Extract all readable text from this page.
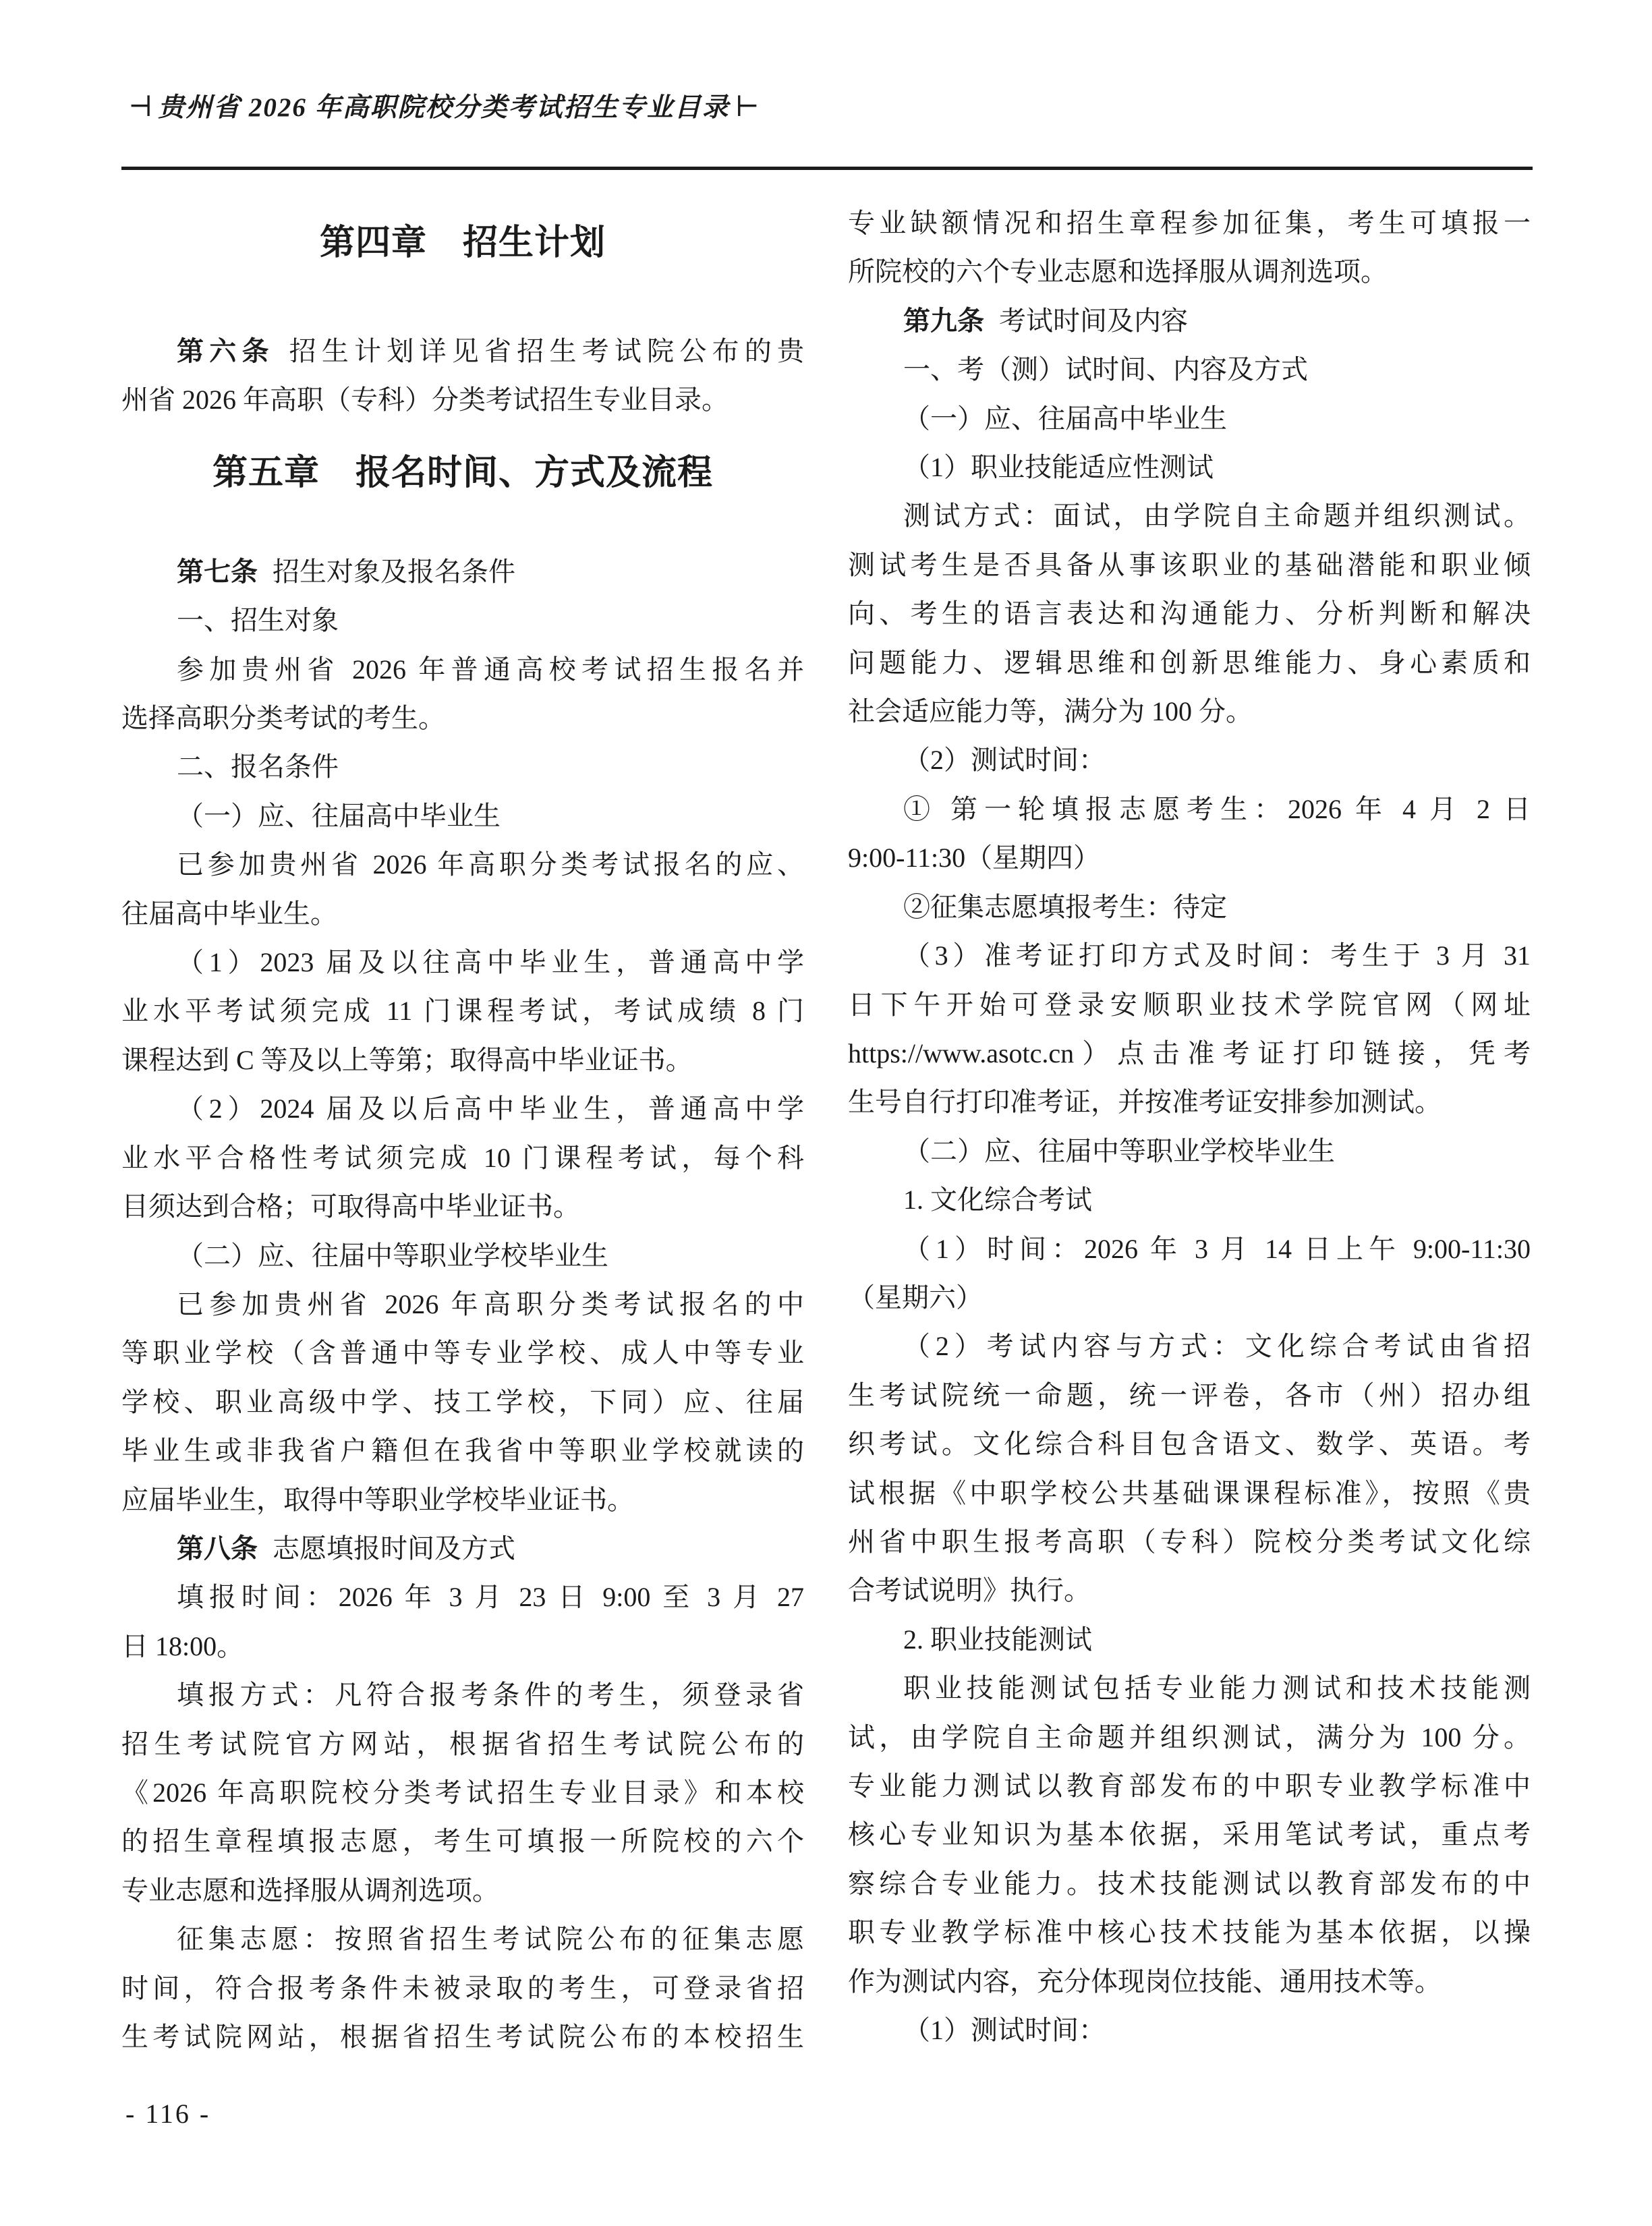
⊣ 贵州省 2026 年高职院校分类考试招生专业目录 ⊢
第四章　招生计划
第六条 招生计划详见省招生考试院公布的贵
州省 2026 年高职（专科）分类考试招生专业目录。
第五章　报名时间、方式及流程
第七条 招生对象及报名条件
一、招生对象
参加贵州省 2026 年普通高校考试招生报名并
选择高职分类考试的考生。
二、报名条件
（一）应、往届高中毕业生
已参加贵州省 2026 年高职分类考试报名的应、
往届高中毕业生。
（1）2023 届及以往高中毕业生，普通高中学
业水平考试须完成 11 门课程考试，考试成绩 8 门
课程达到 C 等及以上等第；取得高中毕业证书。
（2）2024 届及以后高中毕业生，普通高中学
业水平合格性考试须完成 10 门课程考试，每个科
目须达到合格；可取得高中毕业证书。
（二）应、往届中等职业学校毕业生
已参加贵州省 2026 年高职分类考试报名的中
等职业学校（含普通中等专业学校、成人中等专业
学校、职业高级中学、技工学校，下同）应、往届
毕业生或非我省户籍但在我省中等职业学校就读的
应届毕业生，取得中等职业学校毕业证书。
第八条 志愿填报时间及方式
填报时间：2026 年 3 月 23 日 9:00 至 3 月 27
日 18:00。
填报方式：凡符合报考条件的考生，须登录省
招生考试院官方网站，根据省招生考试院公布的
《2026 年高职院校分类考试招生专业目录》和本校
的招生章程填报志愿，考生可填报一所院校的六个
专业志愿和选择服从调剂选项。
征集志愿：按照省招生考试院公布的征集志愿
时间，符合报考条件未被录取的考生，可登录省招
生考试院网站，根据省招生考试院公布的本校招生
专业缺额情况和招生章程参加征集，考生可填报一
所院校的六个专业志愿和选择服从调剂选项。
第九条 考试时间及内容
一、考（测）试时间、内容及方式
（一）应、往届高中毕业生
（1）职业技能适应性测试
测试方式：面试，由学院自主命题并组织测试。
测试考生是否具备从事该职业的基础潜能和职业倾
向、考生的语言表达和沟通能力、分析判断和解决
问题能力、逻辑思维和创新思维能力、身心素质和
社会适应能力等，满分为 100 分。
（2）测试时间：
① 第一轮填报志愿考生：2026 年 4 月 2 日
9:00-11:30（星期四）
②征集志愿填报考生：待定
（3）准考证打印方式及时间：考生于 3 月 31
日下午开始可登录安顺职业技术学院官网（网址
https://www.asotc.cn）点击准考证打印链接，凭考
生号自行打印准考证，并按准考证安排参加测试。
（二）应、往届中等职业学校毕业生
1. 文化综合考试
（1）时间：2026 年 3 月 14 日上午 9:00-11:30
（星期六）
（2）考试内容与方式：文化综合考试由省招
生考试院统一命题，统一评卷，各市（州）招办组
织考试。文化综合科目包含语文、数学、英语。考
试根据《中职学校公共基础课课程标准》，按照《贵
州省中职生报考高职（专科）院校分类考试文化综
合考试说明》执行。
2. 职业技能测试
职业技能测试包括专业能力测试和技术技能测
试，由学院自主命题并组织测试，满分为 100 分。
专业能力测试以教育部发布的中职专业教学标准中
核心专业知识为基本依据，采用笔试考试，重点考
察综合专业能力。技术技能测试以教育部发布的中
职专业教学标准中核心技术技能为基本依据，以操
作为测试内容，充分体现岗位技能、通用技术等。
（1）测试时间：
- 116 -
